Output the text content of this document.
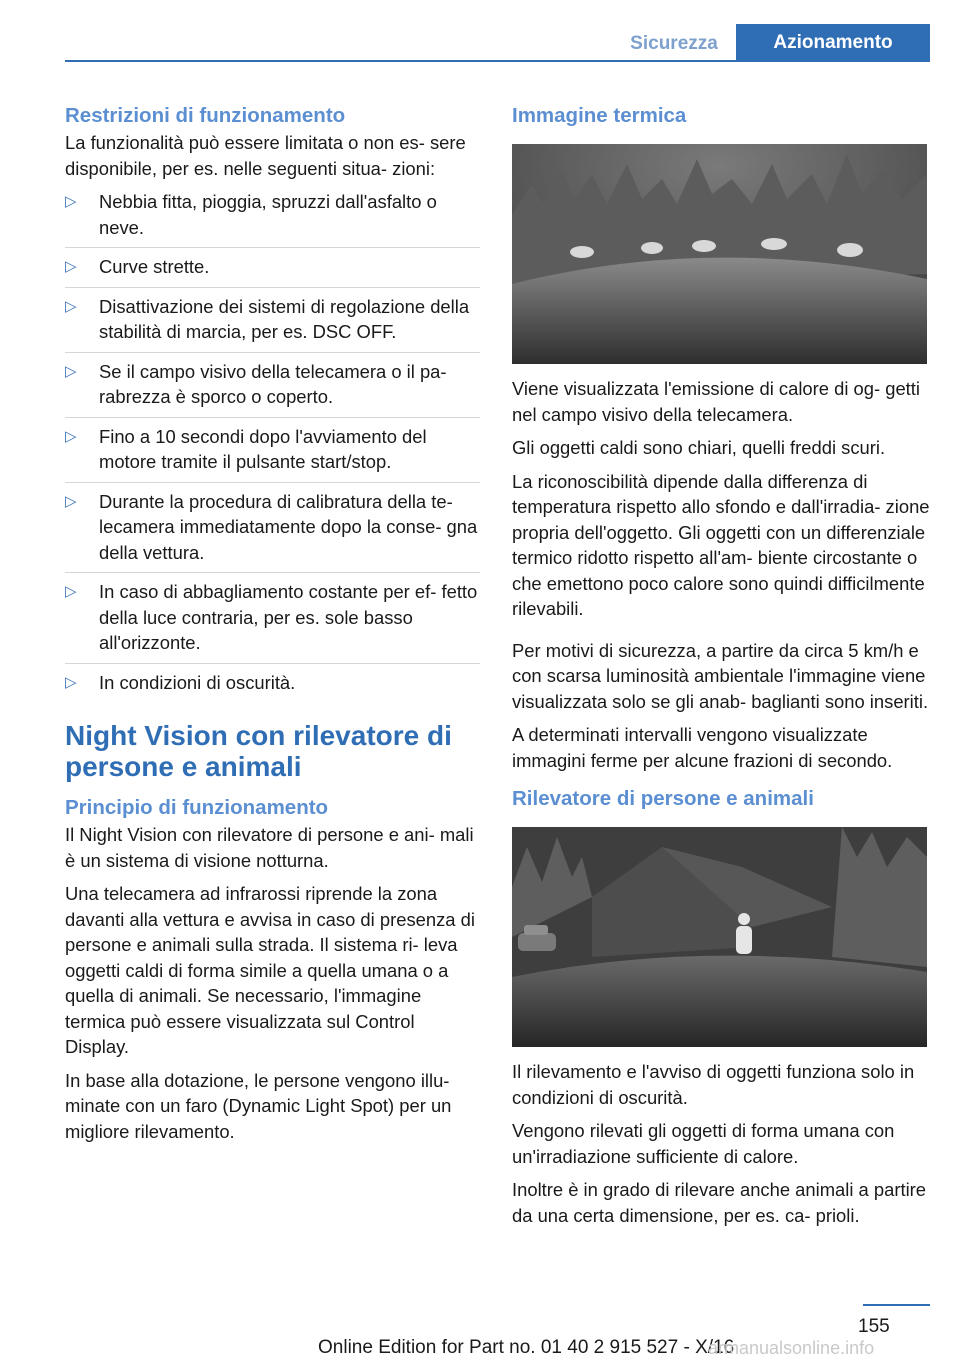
Sicurezza	Azionamento
Restrizioni di funzionamento

La funzionalità può essere limitata o non es‐ sere disponibile, per es. nelle seguenti situa‐ zioni:

▷ Nebbia fitta, pioggia, spruzzi dall'asfalto o neve.
▷ Curve strette.
▷ Disattivazione dei sistemi di regolazione della stabilità di marcia, per es. DSC OFF.
▷ Se il campo visivo della telecamera o il pa‐ rabrezza è sporco o coperto.
▷ Fino a 10 secondi dopo l'avviamento del motore tramite il pulsante start/stop.
▷ Durante la procedura di calibratura della te‐ lecamera immediatamente dopo la conse‐ gna della vettura.
▷ In caso di abbagliamento costante per ef‐ fetto della luce contraria, per es. sole basso all'orizzonte.
▷ In condizioni di oscurità.
Night Vision con rilevatore di persone e animali
Principio di funzionamento

Il Night Vision con rilevatore di persone e ani‐ mali è un sistema di visione notturna.

Una telecamera ad infrarossi riprende la zona davanti alla vettura e avvisa in caso di presenza di persone e animali sulla strada. Il sistema ri‐ leva oggetti caldi di forma simile a quella umana o a quella di animali. Se necessario, l'immagine termica può essere visualizzata sul Control Display.

In base alla dotazione, le persone vengono illu‐ minate con un faro (Dynamic Light Spot) per un migliore rilevamento.

Immagine termica

Viene visualizzata l'emissione di calore di og‐ getti nel campo visivo della telecamera.

Gli oggetti caldi sono chiari, quelli freddi scuri.

La riconoscibilità dipende dalla differenza di temperatura rispetto allo sfondo e dall'irradia‐ zione propria dell'oggetto. Gli oggetti con un differenziale termico ridotto rispetto all'am‐ biente circostante o che emettono poco calore sono quindi difficilmente rilevabili.

Per motivi di sicurezza, a partire da circa 5 km/h e con scarsa luminosità ambientale l'immagine viene visualizzata solo se gli anab‐ baglianti sono inseriti.

A determinati intervalli vengono visualizzate immagini ferme per alcune frazioni di secondo.

Rilevatore di persone e animali

Il rilevamento e l'avviso di oggetti funziona solo in condizioni di oscurità.

Vengono rilevati gli oggetti di forma umana con un'irradiazione sufficiente di calore.

Inoltre è in grado di rilevare anche animali a partire da una certa dimensione, per es. ca‐ prioli.

155
Online Edition for Part no. 01 40 2 915 527 - X/16
armanualsonline.info
